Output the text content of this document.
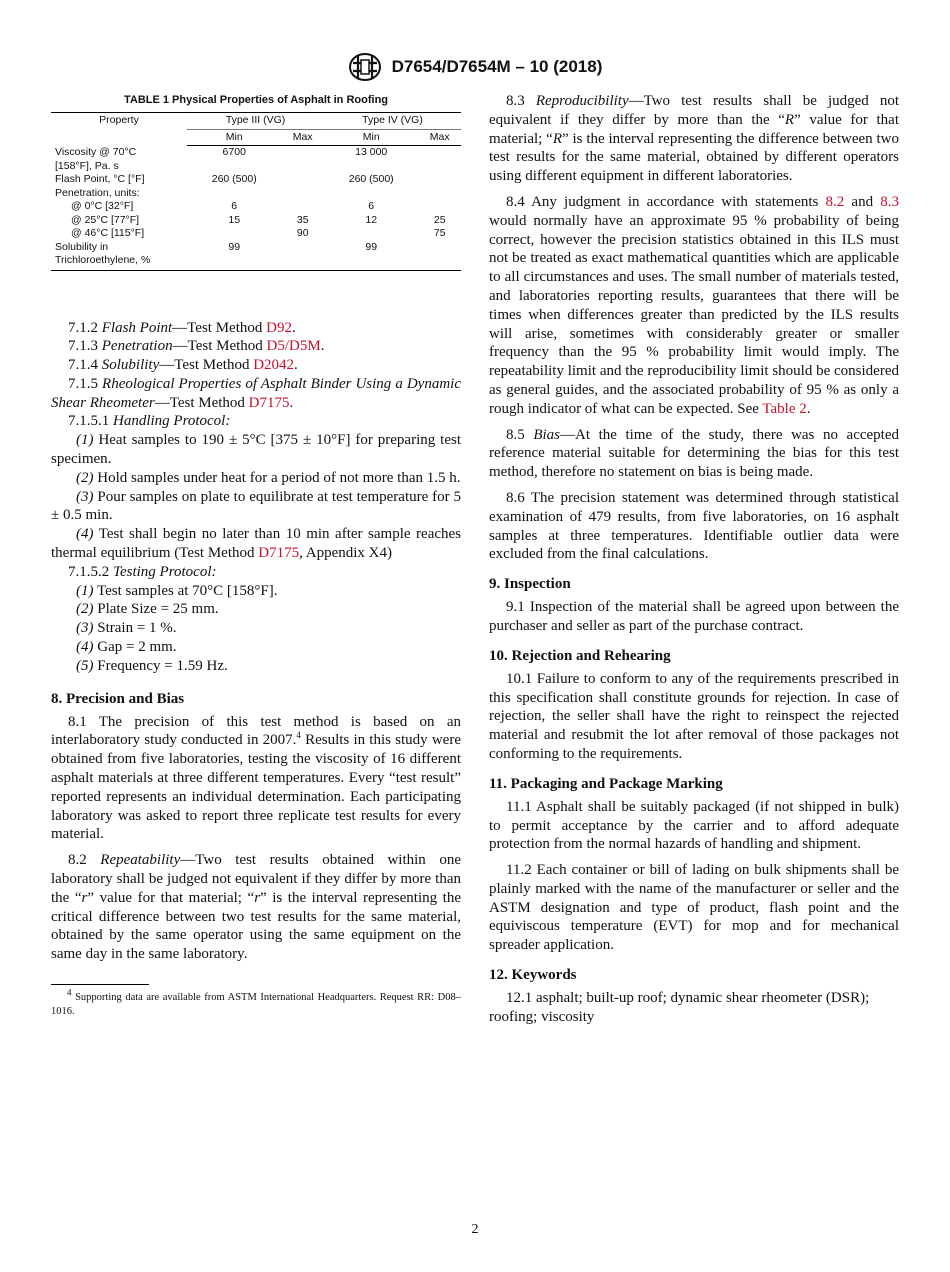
D7654/D7654M – 10 (2018)
TABLE 1 Physical Properties of Asphalt in Roofing
Property	Type III (VG)		Type IV (VG)	
	Min	Max	Min	Max
Viscosity @ 70°C	6700		13 000	
[158°F], Pa. s				
Flash Point, °C [°F]	260 (500)		260 (500)	
Penetration, units:				
@ 0°C [32°F]	6		6	
@ 25°C [77°F]	15	35	12	25
@ 46°C [115°F]		90		75
Solubility in	99		99	
Trichloroethylene, %				

7.1.2 Flash Point—Test Method D92.

7.1.3 Penetration—Test Method D5/D5M.

7.1.4 Solubility—Test Method D2042.

7.1.5 Rheological Properties of Asphalt Binder Using a Dynamic Shear Rheometer—Test Method D7175.

7.1.5.1 Handling Protocol:

(1) Heat samples to 190 ± 5°C [375 ± 10°F] for preparing test specimen.

(2) Hold samples under heat for a period of not more than 1.5 h.

(3) Pour samples on plate to equilibrate at test temperature for 5 ± 0.5 min.

(4) Test shall begin no later than 10 min after sample reaches thermal equilibrium (Test Method D7175, Appendix X4)

7.1.5.2 Testing Protocol:

(1) Test samples at 70°C [158°F].

(2) Plate Size = 25 mm.

(3) Strain = 1 %.

(4) Gap = 2 mm.

(5) Frequency = 1.59 Hz.

8. Precision and Bias

8.1 The precision of this test method is based on an interlaboratory study conducted in 2007.$^4$ Results in this study were obtained from five laboratories, testing the viscosity of 16 different asphalt materials at three different temperatures. Every “test result” reported represents an individual determination. Each participating laboratory was asked to report three replicate test results for every material.

8.2 Repeatability—Two test results obtained within one laboratory shall be judged not equivalent if they differ by more than the “r” value for that material; “r” is the interval representing the critical difference between two test results for the same material, obtained by the same operator using the same equipment on the same day in the same laboratory.

$^4$ Supporting data are available from ASTM International Headquarters. Request RR: D08–1016.

8.3 Reproducibility—Two test results shall be judged not equivalent if they differ by more than the “R” value for that material; “R” is the interval representing the difference between two test results for the same material, obtained by different operators using different equipment in different laboratories.

8.4 Any judgment in accordance with statements 8.2 and 8.3 would normally have an approximate 95 % probability of being correct, however the precision statistics obtained in this ILS must not be treated as exact mathematical quantities which are applicable to all circumstances and uses. The small number of materials tested, and laboratories reporting results, guarantees that there will be times when differences greater than predicted by the ILS results will arise, sometimes with considerably greater or smaller frequency than the 95 % probability limit would imply. The repeatability limit and the reproducibility limit should be considered as general guides, and the associated probability of 95 % as only a rough indicator of what can be expected. See Table 2.

8.5 Bias—At the time of the study, there was no accepted reference material suitable for determining the bias for this test method, therefore no statement on bias is being made.

8.6 The precision statement was determined through statistical examination of 479 results, from five laboratories, on 16 asphalt samples at three temperatures. Identifiable outlier data were excluded from the final calculations.

9. Inspection

9.1 Inspection of the material shall be agreed upon between the purchaser and seller as part of the purchase contract.

10. Rejection and Rehearing

10.1 Failure to conform to any of the requirements prescribed in this specification shall constitute grounds for rejection. In case of rejection, the seller shall have the right to reinspect the rejected material and resubmit the lot after removal of those packages not conforming to the requirements.

11. Packaging and Package Marking

11.1 Asphalt shall be suitably packaged (if not shipped in bulk) to permit acceptance by the carrier and to afford adequate protection from the normal hazards of handling and shipment.

11.2 Each container or bill of lading on bulk shipments shall be plainly marked with the name of the manufacturer or seller and the ASTM designation and type of product, flash point and the equiviscous temperature (EVT) for mop and for mechanical spreader application.

12. Keywords

12.1 asphalt; built-up roof; dynamic shear rheometer (DSR); roofing; viscosity

2
